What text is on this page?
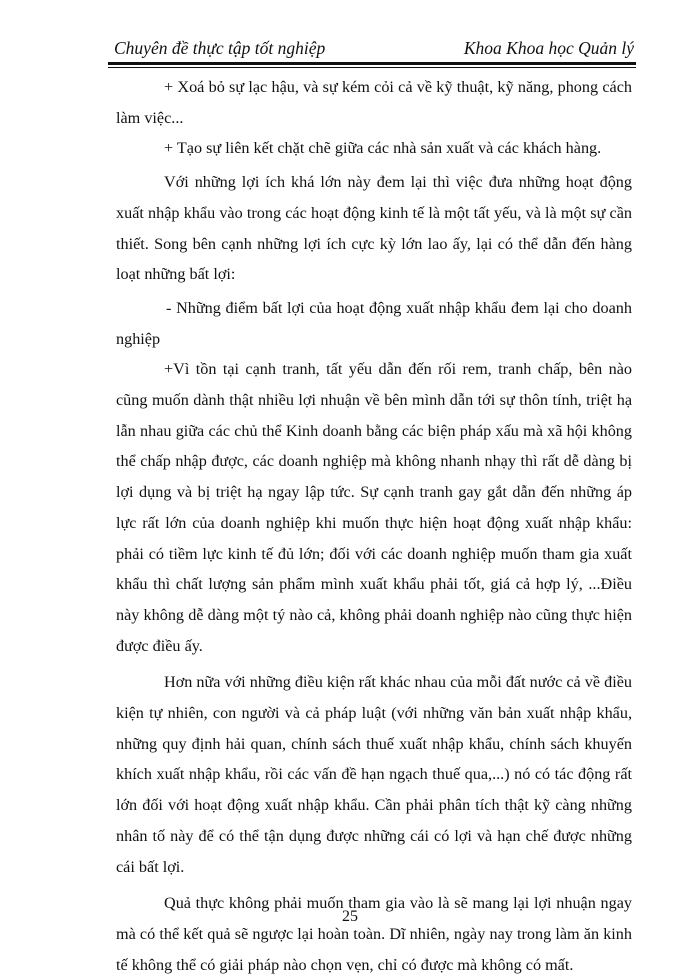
Chuyên đề thực tập tốt nghiệp	Khoa Khoa học Quản lý

+ Xoá bỏ sự lạc hậu, và sự kém cỏi cả về kỹ thuật, kỹ năng, phong cách làm việc...

+ Tạo sự liên kết chặt chẽ giữa các nhà sản xuất và các khách hàng.

Với những lợi ích khá lớn này đem lại thì việc đưa những hoạt động xuất nhập khẩu vào trong các hoạt động kinh tế là một tất yếu, và là một sự cần thiết. Song bên cạnh những lợi ích cực kỳ lớn lao ấy, lại có thể dẫn đến hàng loạt những bất lợi:

- Những điểm bất lợi của hoạt động xuất nhập khẩu đem lại cho doanh nghiệp

+Vì tồn tại cạnh tranh, tất yếu dẫn đến rối rem, tranh chấp, bên nào cũng muốn dành thật nhiều lợi nhuận về bên mình dẫn tới sự thôn tính, triệt hạ lẫn nhau giữa các chủ thể Kinh doanh bằng các biện pháp xấu mà xã hội không thể chấp nhập được, các doanh nghiệp mà không nhanh nhạy thì rất dễ dàng bị lợi dụng và bị triệt hạ ngay lập tức. Sự cạnh tranh gay gắt dẫn đến những áp lực rất lớn của doanh nghiệp khi muốn thực hiện hoạt động xuất nhập khẩu: phải có tiềm lực kinh tế đủ lớn; đối với các doanh nghiệp muốn tham gia xuất khẩu thì chất lượng sản phẩm mình xuất khẩu phải tốt, giá cả hợp lý, ...Điều này không dễ dàng một tý nào cả, không phải doanh nghiệp nào cũng thực hiện được điều ấy.

Hơn nữa với những điều kiện rất khác nhau của mỗi đất nước cả về điều kiện tự nhiên, con người và cả pháp luật (với những văn bản xuất nhập khẩu, những quy định hải quan, chính sách thuế xuất nhập khẩu, chính sách khuyến khích xuất nhập khẩu, rồi các vấn đề hạn ngạch thuế qua,...) nó có tác động rất lớn đối với hoạt động xuất nhập khẩu. Cần phải phân tích thật kỹ càng những nhân tố này để có thể tận dụng được những cái có lợi và hạn chế được những cái bất lợi.

Quả thực không phải muốn tham gia vào là sẽ mang lại lợi nhuận ngay mà có thể kết quả sẽ ngược lại hoàn toàn. Dĩ nhiên, ngày nay trong làm ăn kinh tế không thể có giải pháp nào chọn vẹn, chỉ có được mà không có mất.

25
